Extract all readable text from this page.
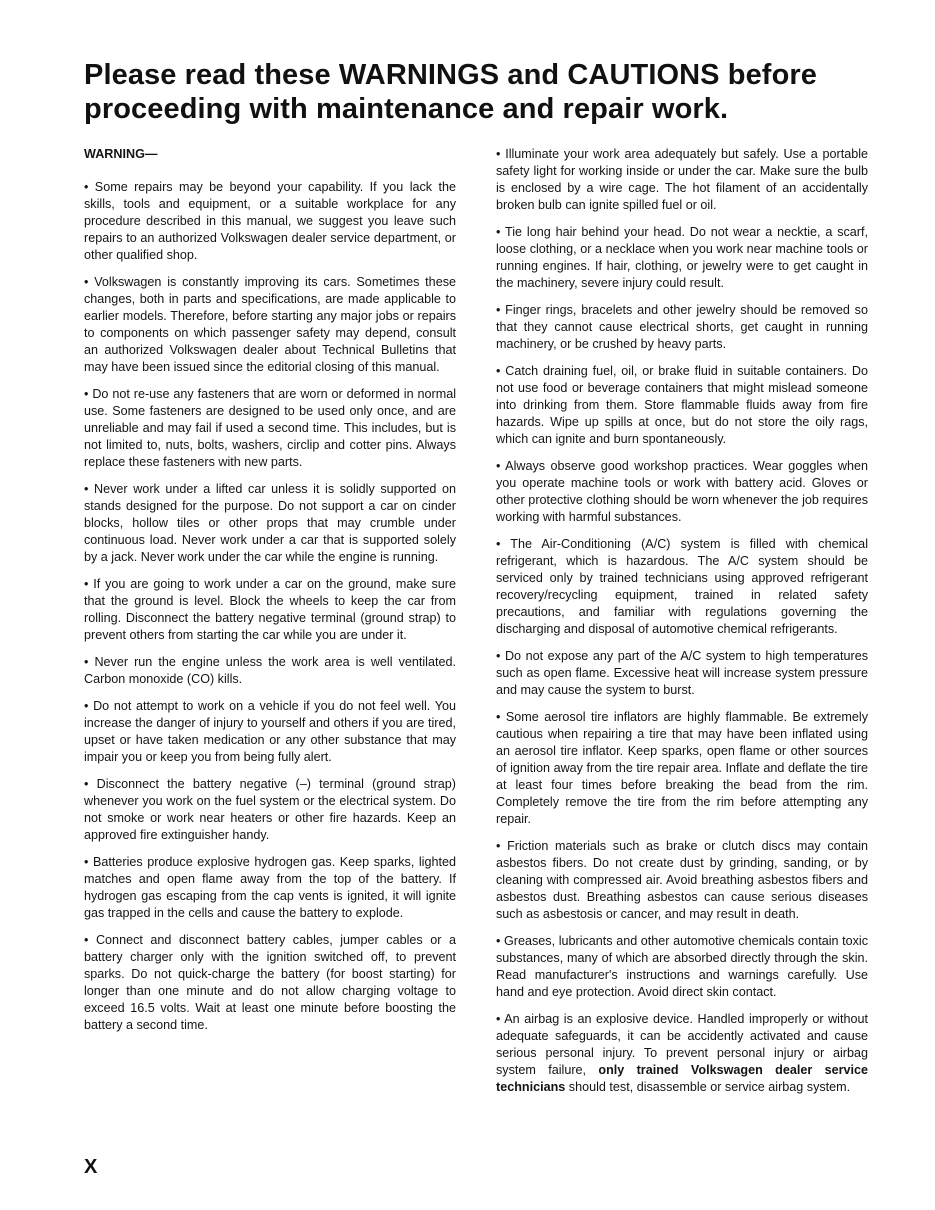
Please read these WARNINGS and CAUTIONS before proceeding with maintenance and repair work.

WARNING—

• Some repairs may be beyond your capability. If you lack the skills, tools and equipment, or a suitable workplace for any procedure described in this manual, we suggest you leave such repairs to an authorized Volkswagen dealer service department, or other qualified shop.

• Volkswagen is constantly improving its cars. Sometimes these changes, both in parts and specifications, are made applicable to earlier models. Therefore, before starting any major jobs or repairs to components on which passenger safety may depend, consult an authorized Volkswagen dealer about Technical Bulletins that may have been issued since the editorial closing of this manual.

• Do not re-use any fasteners that are worn or deformed in normal use. Some fasteners are designed to be used only once, and are unreliable and may fail if used a second time. This includes, but is not limited to, nuts, bolts, washers, circlip and cotter pins. Always replace these fasteners with new parts.

• Never work under a lifted car unless it is solidly supported on stands designed for the purpose. Do not support a car on cinder blocks, hollow tiles or other props that may crumble under continuous load. Never work under a car that is supported solely by a jack. Never work under the car while the engine is running.

• If you are going to work under a car on the ground, make sure that the ground is level. Block the wheels to keep the car from rolling. Disconnect the battery negative terminal (ground strap) to prevent others from starting the car while you are under it.

• Never run the engine unless the work area is well ventilated. Carbon monoxide (CO) kills.

• Do not attempt to work on a vehicle if you do not feel well. You increase the danger of injury to yourself and others if you are tired, upset or have taken medication or any other substance that may impair you or keep you from being fully alert.

• Disconnect the battery negative (–) terminal (ground strap) whenever you work on the fuel system or the electrical system. Do not smoke or work near heaters or other fire hazards. Keep an approved fire extinguisher handy.

• Batteries produce explosive hydrogen gas. Keep sparks, lighted matches and open flame away from the top of the battery. If hydrogen gas escaping from the cap vents is ignited, it will ignite gas trapped in the cells and cause the battery to explode.

• Connect and disconnect battery cables, jumper cables or a battery charger only with the ignition switched off, to prevent sparks. Do not quick-charge the battery (for boost starting) for longer than one minute and do not allow charging voltage to exceed 16.5 volts. Wait at least one minute before boosting the battery a second time.

• Illuminate your work area adequately but safely. Use a portable safety light for working inside or under the car. Make sure the bulb is enclosed by a wire cage. The hot filament of an accidentally broken bulb can ignite spilled fuel or oil.

• Tie long hair behind your head. Do not wear a necktie, a scarf, loose clothing, or a necklace when you work near machine tools or running engines. If hair, clothing, or jewelry were to get caught in the machinery, severe injury could result.

• Finger rings, bracelets and other jewelry should be removed so that they cannot cause electrical shorts, get caught in running machinery, or be crushed by heavy parts.

• Catch draining fuel, oil, or brake fluid in suitable containers. Do not use food or beverage containers that might mislead someone into drinking from them. Store flammable fluids away from fire hazards. Wipe up spills at once, but do not store the oily rags, which can ignite and burn spontaneously.

• Always observe good workshop practices. Wear goggles when you operate machine tools or work with battery acid. Gloves or other protective clothing should be worn whenever the job requires working with harmful substances.

• The Air-Conditioning (A/C) system is filled with chemical refrigerant, which is hazardous. The A/C system should be serviced only by trained technicians using approved refrigerant recovery/recycling equipment, trained in related safety precautions, and familiar with regulations governing the discharging and disposal of automotive chemical refrigerants.

• Do not expose any part of the A/C system to high temperatures such as open flame. Excessive heat will increase system pressure and may cause the system to burst.

• Some aerosol tire inflators are highly flammable. Be extremely cautious when repairing a tire that may have been inflated using an aerosol tire inflator. Keep sparks, open flame or other sources of ignition away from the tire repair area. Inflate and deflate the tire at least four times before breaking the bead from the rim. Completely remove the tire from the rim before attempting any repair.

• Friction materials such as brake or clutch discs may contain asbestos fibers. Do not create dust by grinding, sanding, or by cleaning with compressed air. Avoid breathing asbestos fibers and asbestos dust. Breathing asbestos can cause serious diseases such as asbestosis or cancer, and may result in death.

• Greases, lubricants and other automotive chemicals contain toxic substances, many of which are absorbed directly through the skin. Read manufacturer's instructions and warnings carefully. Use hand and eye protection. Avoid direct skin contact.

• An airbag is an explosive device. Handled improperly or without adequate safeguards, it can be accidently activated and cause serious personal injury. To prevent personal injury or airbag system failure, only trained Volkswagen dealer service technicians should test, disassemble or service airbag system.

X
